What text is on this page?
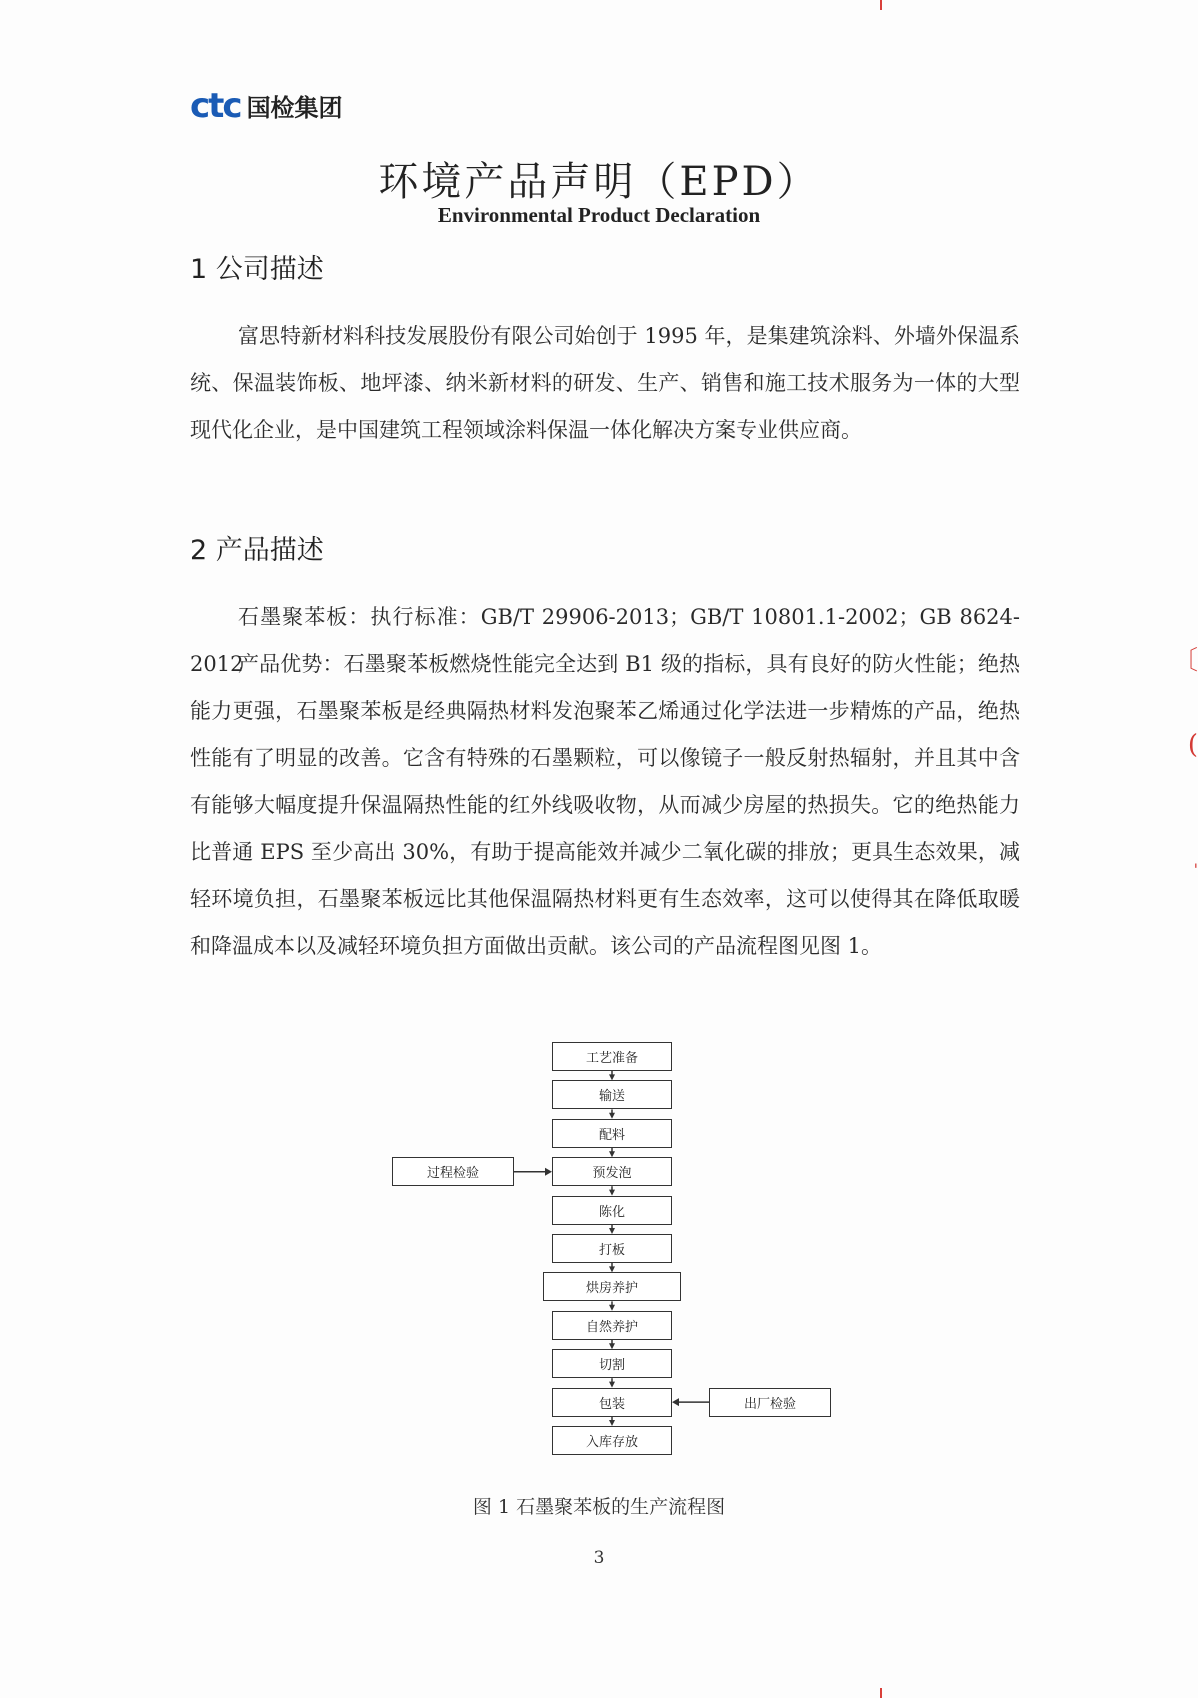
ctc 国检集团
环境产品声明（EPD）
Environmental Product Declaration
1 公司描述
富思特新材料科技发展股份有限公司始创于 1995 年，是集建筑涂料、外墙外保温系统、保温装饰板、地坪漆、纳米新材料的研发、生产、销售和施工技术服务为一体的大型现代化企业，是中国建筑工程领域涂料保温一体化解决方案专业供应商。
2 产品描述
石墨聚苯板：执行标准：GB/T 29906-2013；GB/T 10801.1-2002；GB 8624-2012
产品优势：石墨聚苯板燃烧性能完全达到 B1 级的指标，具有良好的防火性能；绝热能力更强，石墨聚苯板是经典隔热材料发泡聚苯乙烯通过化学法进一步精炼的产品，绝热性能有了明显的改善。它含有特殊的石墨颗粒，可以像镜子一般反射热辐射，并且其中含有能够大幅度提升保温隔热性能的红外线吸收物，从而减少房屋的热损失。它的绝热能力比普通 EPS 至少高出 30%，有助于提高能效并减少二氧化碳的排放；更具生态效果，减轻环境负担，石墨聚苯板远比其他保温隔热材料更有生态效率，这可以使得其在降低取暖和降温成本以及减轻环境负担方面做出贡献。该公司的产品流程图见图 1。
工艺准备
输送
配料
预发泡
陈化
打板
烘房养护
自然养护
切割
包装
入库存放
过程检验
出厂检验
图 1 石墨聚苯板的生产流程图
3
〔
(
'
